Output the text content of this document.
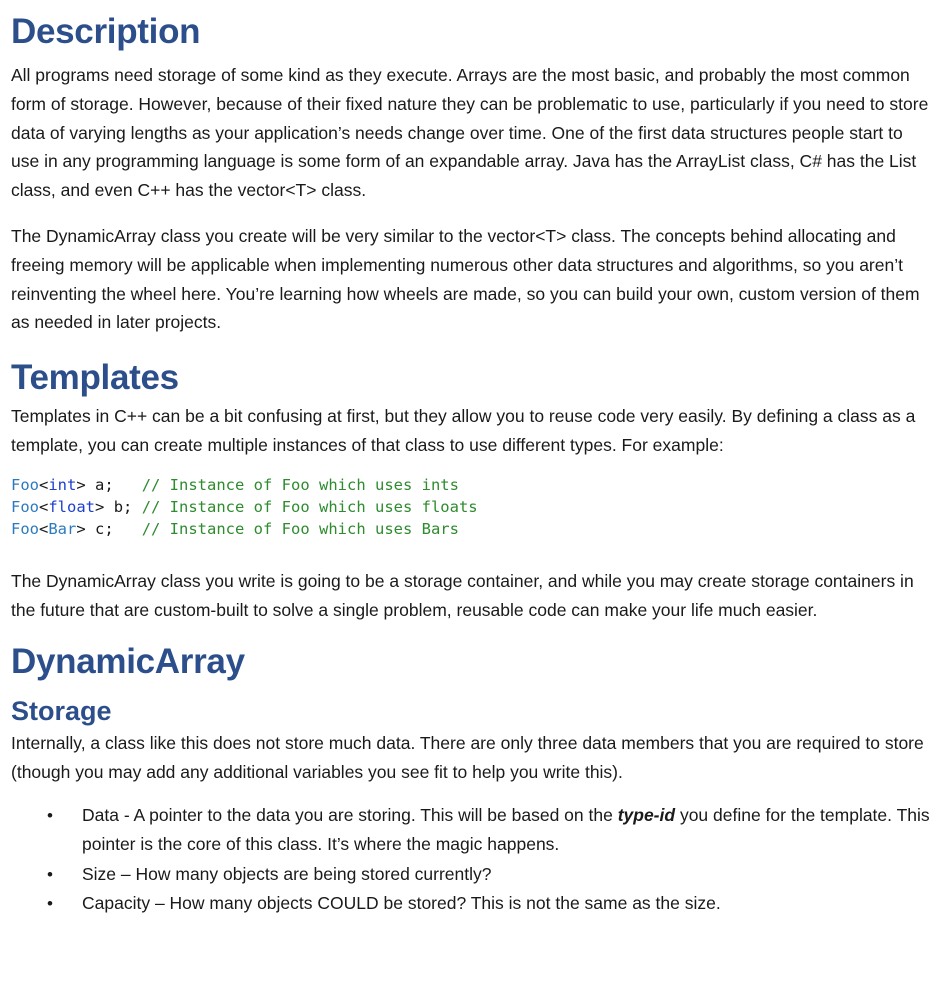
Description

All programs need storage of some kind as they execute. Arrays are the most basic, and probably the most common form of storage. However, because of their fixed nature they can be problematic to use, particularly if you need to store data of varying lengths as your application’s needs change over time. One of the first data structures people start to use in any programming language is some form of an expandable array. Java has the ArrayList class, C# has the List class, and even C++ has the vector<T> class.

The DynamicArray class you create will be very similar to the vector<T> class. The concepts behind allocating and freeing memory will be applicable when implementing numerous other data structures and algorithms, so you aren’t reinventing the wheel here. You’re learning how wheels are made, so you can build your own, custom version of them as needed in later projects.

Templates

Templates in C++ can be a bit confusing at first, but they allow you to reuse code very easily. By defining a class as a template, you can create multiple instances of that class to use different types. For example:

Foo<int> a;   // Instance of Foo which uses ints
Foo<float> b; // Instance of Foo which uses floats
Foo<Bar> c;   // Instance of Foo which uses Bars

The DynamicArray class you write is going to be a storage container, and while you may create storage containers in the future that are custom-built to solve a single problem, reusable code can make your life much easier.

DynamicArray
Storage

Internally, a class like this does not store much data. There are only three data members that you are required to store (though you may add any additional variables you see fit to help you write this).

• Data - A pointer to the data you are storing. This will be based on the type-id you define for the template. This pointer is the core of this class. It’s where the magic happens.
• Size – How many objects are being stored currently?
• Capacity – How many objects COULD be stored? This is not the same as the size.
